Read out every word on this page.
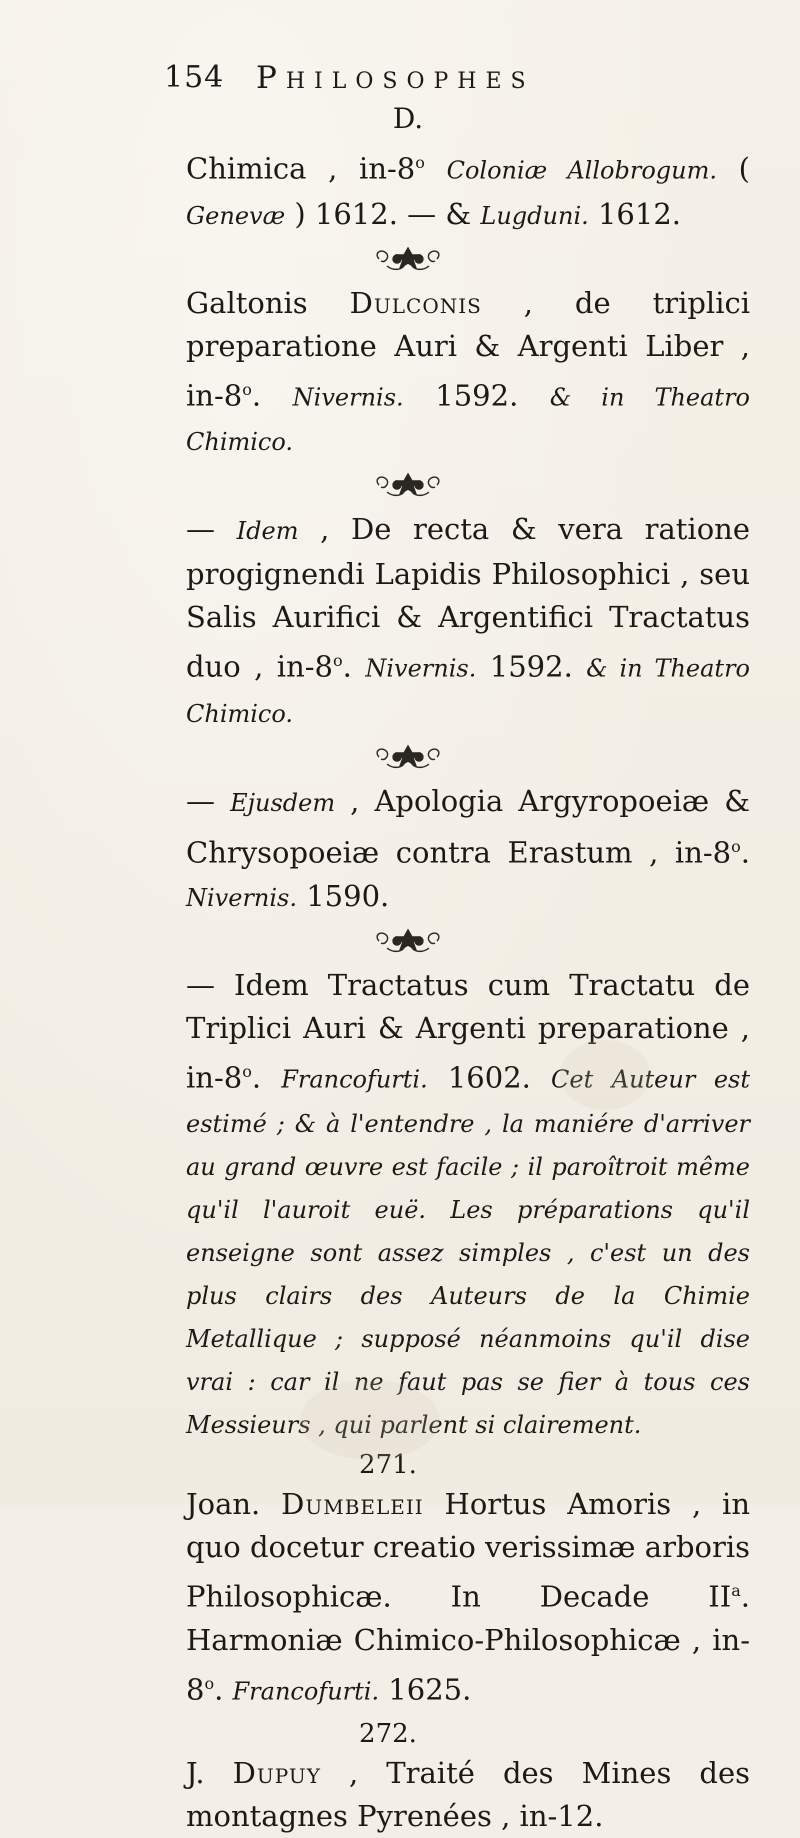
154 Philosophes
D.

Chimica , in-8$^o$ Coloniæ Allobrogum. ( Genevæ ) 1612. — & Lugduni. 1612.

Galtonis Dulconis , de triplici preparatione Auri & Argenti Liber , in-8$^o$. Nivernis. 1592. & in Theatro Chimico.

— Idem , De recta & vera ratione progignendi Lapidis Philosophici , seu Salis Aurifici & Argentifici Tractatus duo , in-8$^o$. Nivernis. 1592. & in Theatro Chimico.

— Ejusdem , Apologia Argyropoeiæ & Chrysopoeiæ contra Erastum , in-8$^o$. Nivernis. 1590.

— Idem Tractatus cum Tractatu de Triplici Auri & Argenti preparatione , in-8$^o$. Francofurti. 1602. Cet Auteur est estimé ; & à l'entendre , la maniére d'arriver au grand œuvre est facile ; il paroîtroit même qu'il l'auroit euë. Les préparations qu'il enseigne sont assez simples , c'est un des plus clairs des Auteurs de la Chimie Metallique ; supposé néanmoins qu'il dise vrai : car il ne faut pas se fier à tous ces Messieurs , qui parlent si clairement.

271.

Joan. Dumbeleii Hortus Amoris , in quo docetur creatio verissimæ arboris Philosophicæ. In Decade $II^a$. Harmoniæ Chimico-Philosophicæ , in-8$^o$. Francofurti. 1625.

272.

J. Dupuy , Traité des Mines des montagnes Pyrenées , in-12.
